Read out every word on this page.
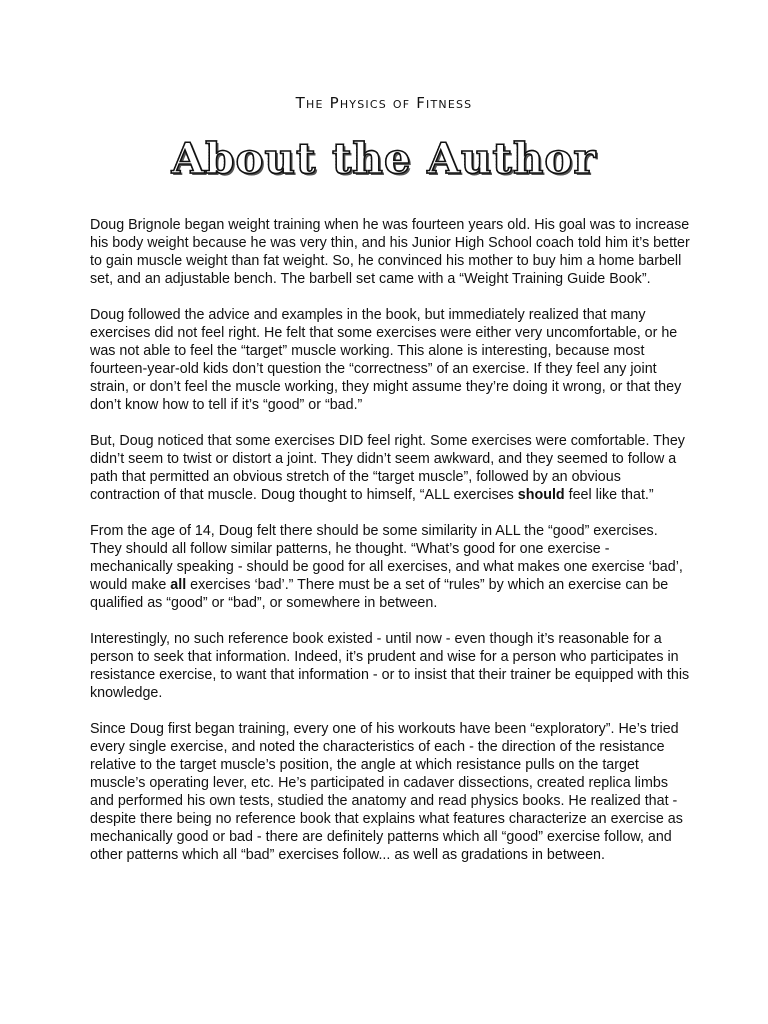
The Physics of Fitness
About the Author

Doug Brignole began weight training when he was fourteen years old. His goal was to increase his body weight because he was very thin, and his Junior High School coach told him it’s better to gain muscle weight than fat weight. So, he convinced his mother to buy him a home barbell set, and an adjustable bench. The barbell set came with a “Weight Training Guide Book”.

Doug followed the advice and examples in the book, but immediately realized that many exercises did not feel right. He felt that some exercises were either very uncomfortable, or he was not able to feel the “target” muscle working. This alone is interesting, because most fourteen-year-old kids don’t question the “correctness” of an exercise. If they feel any joint strain, or don’t feel the muscle working, they might assume they’re doing it wrong, or that they don’t know how to tell if it’s “good” or “bad.”

But, Doug noticed that some exercises DID feel right. Some exercises were comfortable. They didn’t seem to twist or distort a joint. They didn’t seem awkward, and they seemed to follow a path that permitted an obvious stretch of the “target muscle”, followed by an obvious contraction of that muscle. Doug thought to himself, “ALL exercises should feel like that.”

From the age of 14, Doug felt there should be some similarity in ALL the “good” exercises. They should all follow similar patterns, he thought. “What’s good for one exercise - mechanically speaking - should be good for all exercises, and what makes one exercise ‘bad’, would make all exercises ‘bad’.” There must be a set of “rules” by which an exercise can be qualified as “good” or “bad”, or somewhere in between.

Interestingly, no such reference book existed - until now - even though it’s reasonable for a person to seek that information. Indeed, it’s prudent and wise for a person who participates in resistance exercise, to want that information - or to insist that their trainer be equipped with this knowledge.

Since Doug first began training, every one of his workouts have been “exploratory”. He’s tried every single exercise, and noted the characteristics of each - the direction of the resistance relative to the target muscle’s position, the angle at which resistance pulls on the target muscle’s operating lever, etc. He’s participated in cadaver dissections, created replica limbs and performed his own tests, studied the anatomy and read physics books. He realized that - despite there being no reference book that explains what features characterize an exercise as mechanically good or bad - there are definitely patterns which all “good” exercise follow, and other patterns which all “bad” exercises follow... as well as gradations in between.
